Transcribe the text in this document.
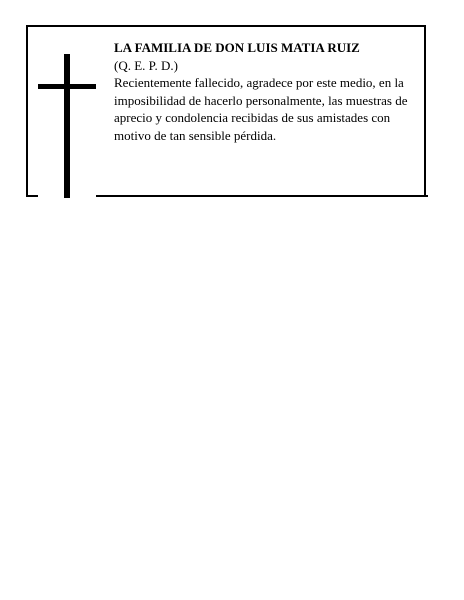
LA FAMILIA DE DON LUIS MATIA RUIZ

(Q. E. P. D.)

Recientemente fallecido, agradece por este medio, en la imposibilidad de hacerlo personalmente, las muestras de aprecio y condolencia recibidas de sus amistades con motivo de tan sensible pérdida.
